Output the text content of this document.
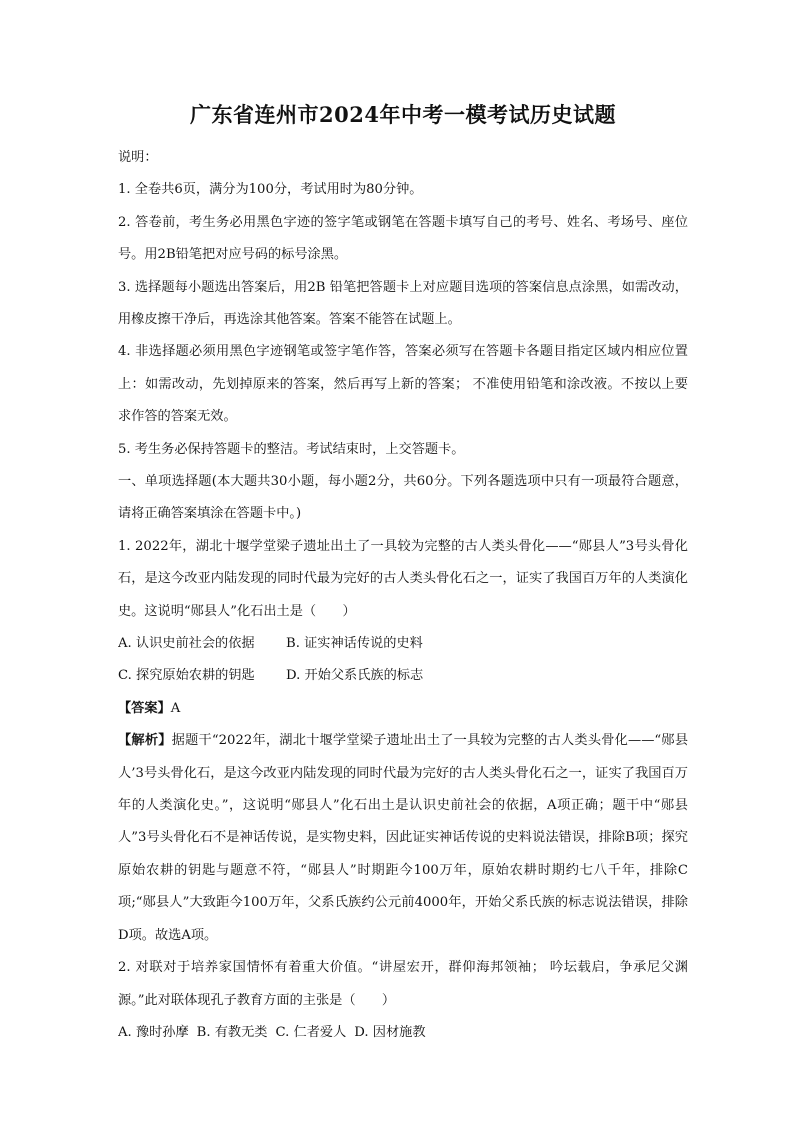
广东省连州市2024年中考一模考试历史试题
说明：
1. 全卷共6页，满分为100分，考试用时为80分钟。
2. 答卷前，考生务必用黑色字迹的签字笔或钢笔在答题卡填写自己的考号、姓名、考场号、座位号。用2B铅笔把对应号码的标号涂黑。
3. 选择题每小题选出答案后，用2B 铅笔把答题卡上对应题目选项的答案信息点涂黑，如需改动，用橡皮擦干净后，再选涂其他答案。答案不能答在试题上。
4. 非选择题必须用黑色字迹钢笔或签字笔作答，答案必须写在答题卡各题目指定区域内相应位置上：如需改动，先划掉原来的答案，然后再写上新的答案； 不准使用铅笔和涂改液。不按以上要求作答的答案无效。
5. 考生务必保持答题卡的整洁。考试结束时，上交答题卡。
一、单项选择题(本大题共30小题，每小题2分，共60分。下列各题选项中只有一项最符合题意，请将正确答案填涂在答题卡中。)
1. 2022年，湖北十堰学堂梁子遗址出土了一具较为完整的古人类头骨化——“郧县人”3号头骨化石，是这今改亚内陆发现的同时代最为完好的古人类头骨化石之一，证实了我国百万年的人类演化史。这说明“郧县人”化石出土是（　　）
A. 认识史前社会的依据 B. 证实神话传说的史料
C. 探究原始农耕的钥匙 D. 开始父系氏族的标志
【答案】A
【解析】据题干“2022年，湖北十堰学堂梁子遗址出土了一具较为完整的古人类头骨化——“郧县人’3号头骨化石，是这今改亚内陆发现的同时代最为完好的古人类头骨化石之一，证实了我国百万年的人类演化史。”，这说明“郧县人”化石出土是认识史前社会的依据，A项正确；题干中“郧县人”3号头骨化石不是神话传说，是实物史料，因此证实神话传说的史料说法错误，排除B项；探究原始农耕的钥匙与题意不符，“郧县人”时期距今100万年，原始农耕时期约七八千年，排除C项;“郧县人”大致距今100万年，父系氏族约公元前4000年，开始父系氏族的标志说法错误，排除D项。故选A项。
2. 对联对于培养家国情怀有着重大价值。“讲屋宏开，群仰海邦领袖； 吟坛载启，争承尼父渊源。”此对联体现孔子教育方面的主张是（　　）
A. 豫时孙摩 B. 有教无类 C. 仁者爱人 D. 因材施教
